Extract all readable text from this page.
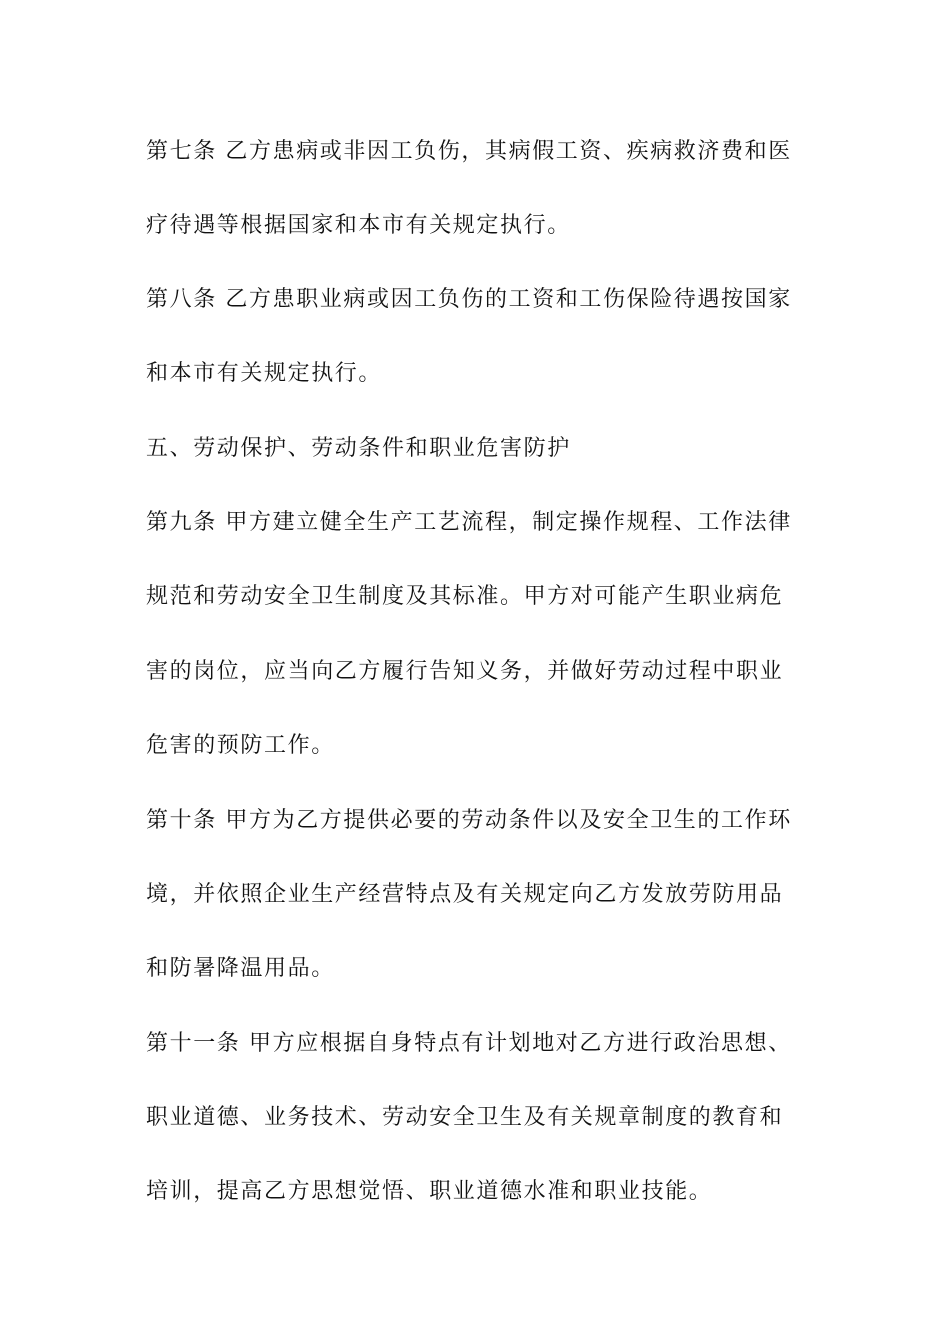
第七条 乙方患病或非因工负伤，其病假工资、疾病救济费和医
疗待遇等根据国家和本市有关规定执行。
第八条 乙方患职业病或因工负伤的工资和工伤保险待遇按国家
和本市有关规定执行。
五、劳动保护、劳动条件和职业危害防护
第九条 甲方建立健全生产工艺流程，制定操作规程、工作法律
规范和劳动安全卫生制度及其标准。甲方对可能产生职业病危
害的岗位，应当向乙方履行告知义务，并做好劳动过程中职业
危害的预防工作。
第十条 甲方为乙方提供必要的劳动条件以及安全卫生的工作环
境，并依照企业生产经营特点及有关规定向乙方发放劳防用品
和防暑降温用品。
第十一条 甲方应根据自身特点有计划地对乙方进行政治思想、
职业道德、业务技术、劳动安全卫生及有关规章制度的教育和
培训，提高乙方思想觉悟、职业道德水准和职业技能。
